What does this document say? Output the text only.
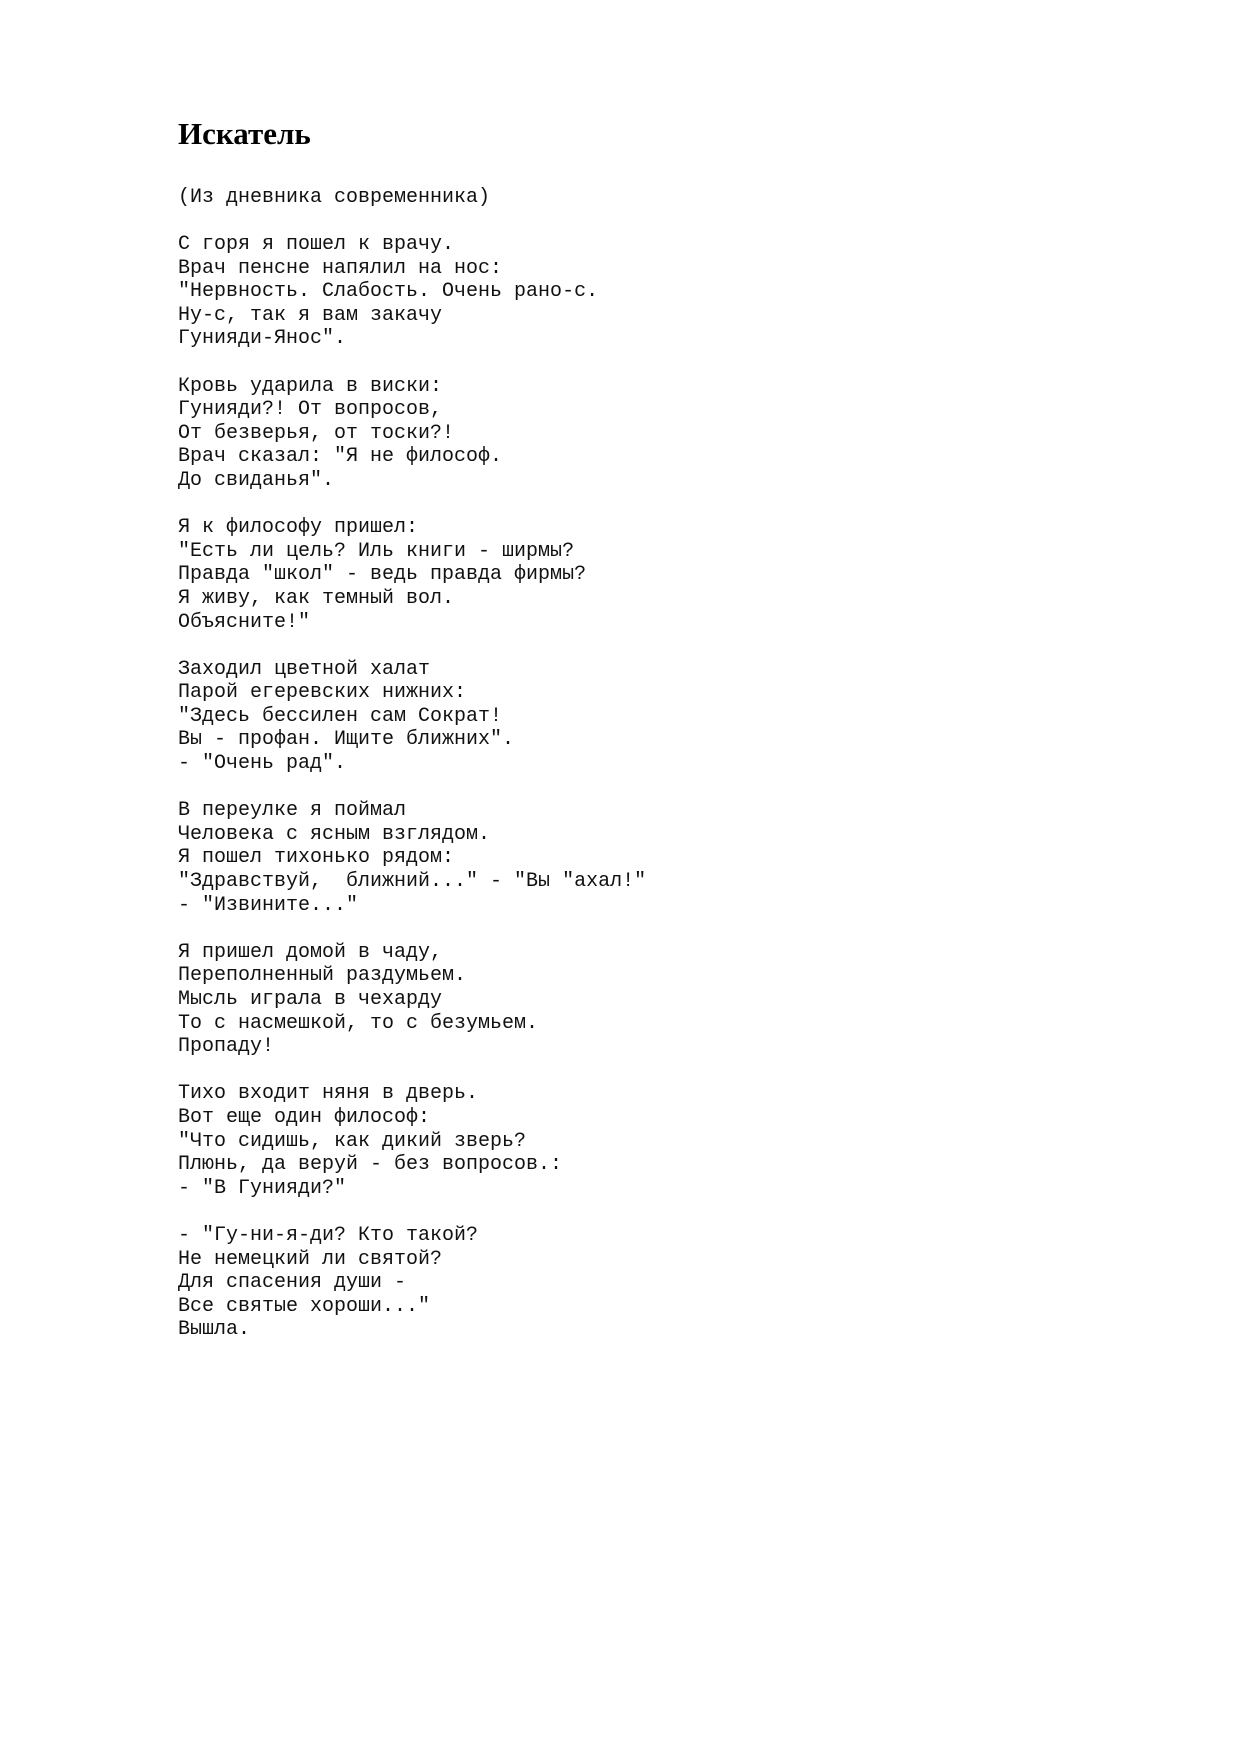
Искатель
(Из дневника современника)
С горя я пошел к врачу.
Врач пенсне напялил на нос:
"Нервность. Слабость. Очень рано-с.
Ну-с, так я вам закачу
Гунияди-Янос".
Кровь ударила в виски:
Гунияди?! От вопросов,
От безверья, от тоски?!
Врач сказал: "Я не философ.
До свиданья".
Я к философу пришел:
"Есть ли цель? Иль книги - ширмы?
Правда "школ" - ведь правда фирмы?
Я живу, как темный вол.
Объясните!"
Заходил цветной халат
Парой егеревских нижних:
"Здесь бессилен сам Сократ!
Вы - профан. Ищите ближних".
- "Очень рад".
В переулке я поймал
Человека с ясным взглядом.
Я пошел тихонько рядом:
"Здравствуй,  ближний..." - "Вы "ахал!"
- "Извините..."
Я пришел домой в чаду,
Переполненный раздумьем.
Мысль играла в чехарду
То с насмешкой, то с безумьем.
Пропаду!
Тихо входит няня в дверь.
Вот еще один философ:
"Что сидишь, как дикий зверь?
Плюнь, да веруй - без вопросов.:
- "В Гунияди?"
- "Гу-ни-я-ди? Кто такой?
Не немецкий ли святой?
Для спасения души -
Все святые хороши..."
Вышла.
